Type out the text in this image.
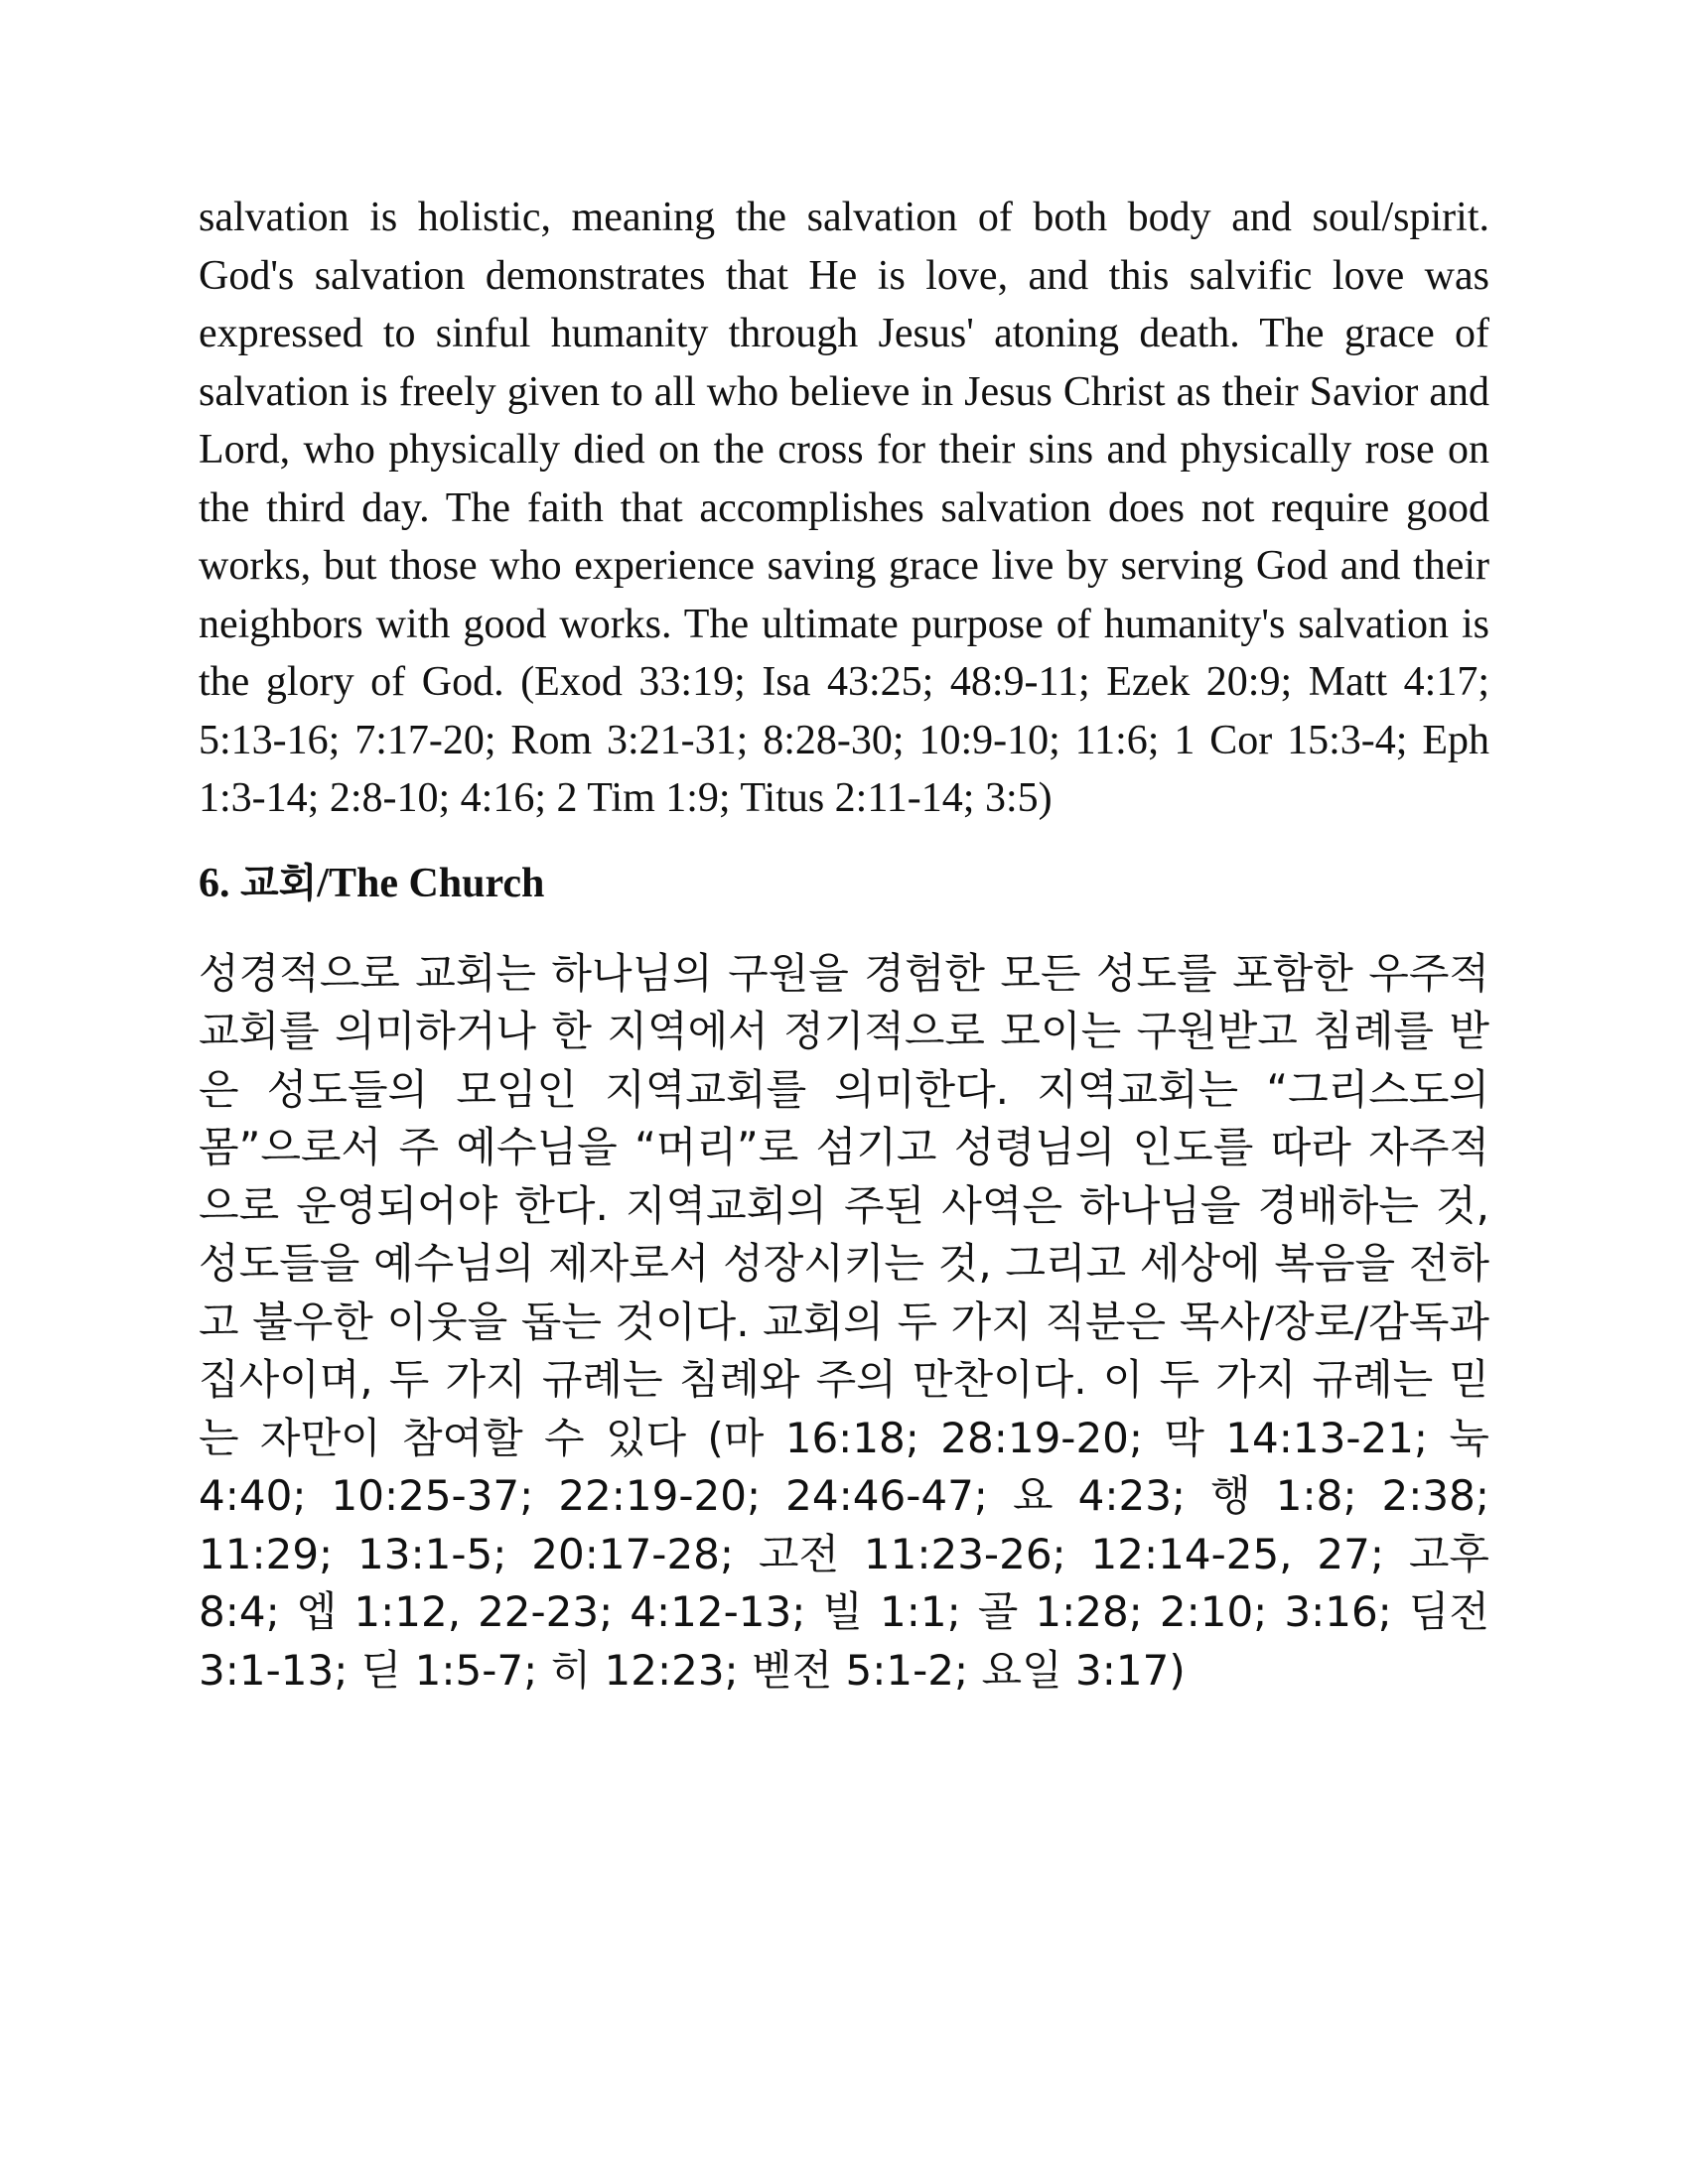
salvation is holistic, meaning the salvation of both body and soul/spirit. God's salvation demonstrates that He is love, and this salvific love was expressed to sinful humanity through Jesus' atoning death. The grace of salvation is freely given to all who believe in Jesus Christ as their Savior and Lord, who physically died on the cross for their sins and physically rose on the third day. The faith that accomplishes salvation does not require good works, but those who experience saving grace live by serving God and their neighbors with good works. The ultimate purpose of humanity's salvation is the glory of God. (Exod 33:19; Isa 43:25; 48:9-11; Ezek 20:9; Matt 4:17; 5:13-16; 7:17-20; Rom 3:21-31; 8:28-30; 10:9-10; 11:6; 1 Cor 15:3-4; Eph 1:3-14; 2:8-10; 4:16; 2 Tim 1:9; Titus 2:11-14; 3:5)

6. 교회/The Church

성경적으로 교회는 하나님의 구원을 경험한 모든 성도를 포함한 우주적 교회를 의미하거나 한 지역에서 정기적으로 모이는 구원받고 침례를 받은 성도들의 모임인 지역교회를 의미한다. 지역교회는 “그리스도의 몸”으로서 주 예수님을 “머리”로 섬기고 성령님의 인도를 따라 자주적으로 운영되어야 한다. 지역교회의 주된 사역은 하나님을 경배하는 것, 성도들을 예수님의 제자로서 성장시키는 것, 그리고 세상에 복음을 전하고 불우한 이웃을 돕는 것이다. 교회의 두 가지 직분은 목사/장로/감독과 집사이며, 두 가지 규례는 침례와 주의 만찬이다. 이 두 가지 규례는 믿는 자만이 참여할 수 있다 (마 16:18; 28:19-20; 막 14:13-21; 눅 4:40; 10:25-37; 22:19-20; 24:46-47; 요 4:23; 행 1:8; 2:38; 11:29; 13:1-5; 20:17-28; 고전 11:23-26; 12:14-25, 27; 고후 8:4; 엡 1:12, 22-23; 4:12-13; 빌 1:1; 골 1:28; 2:10; 3:16; 딤전 3:1-13; 딛 1:5-7; 히 12:23; 벧전 5:1-2; 요일 3:17)
